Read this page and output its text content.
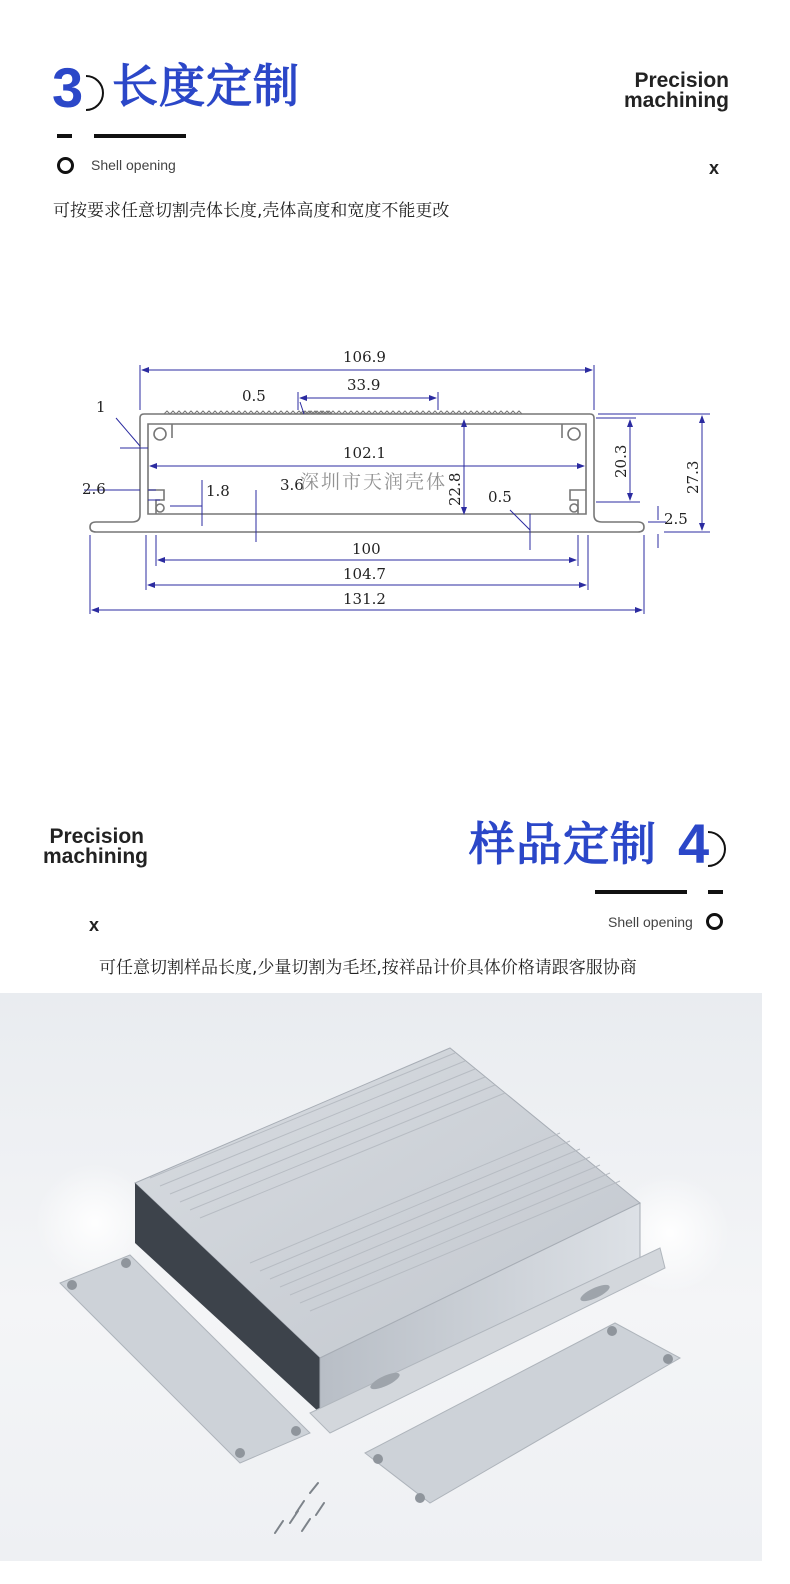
3 长度定制	Precision
machining
Shell opening	x
可按要求任意切割壳体长度,壳体高度和宽度不能更改
106.9
33.9
0.5
1
102.1	20.3	27.3
2.6	1.8	3.6	22.8 0.5
2.5
100
104.7
131.2
深圳市天润壳体
Precision
machining	样品定制 4
x	Shell opening
可任意切割样品长度,少量切割为毛坯,按祥品计价具体价格请跟客服协商
